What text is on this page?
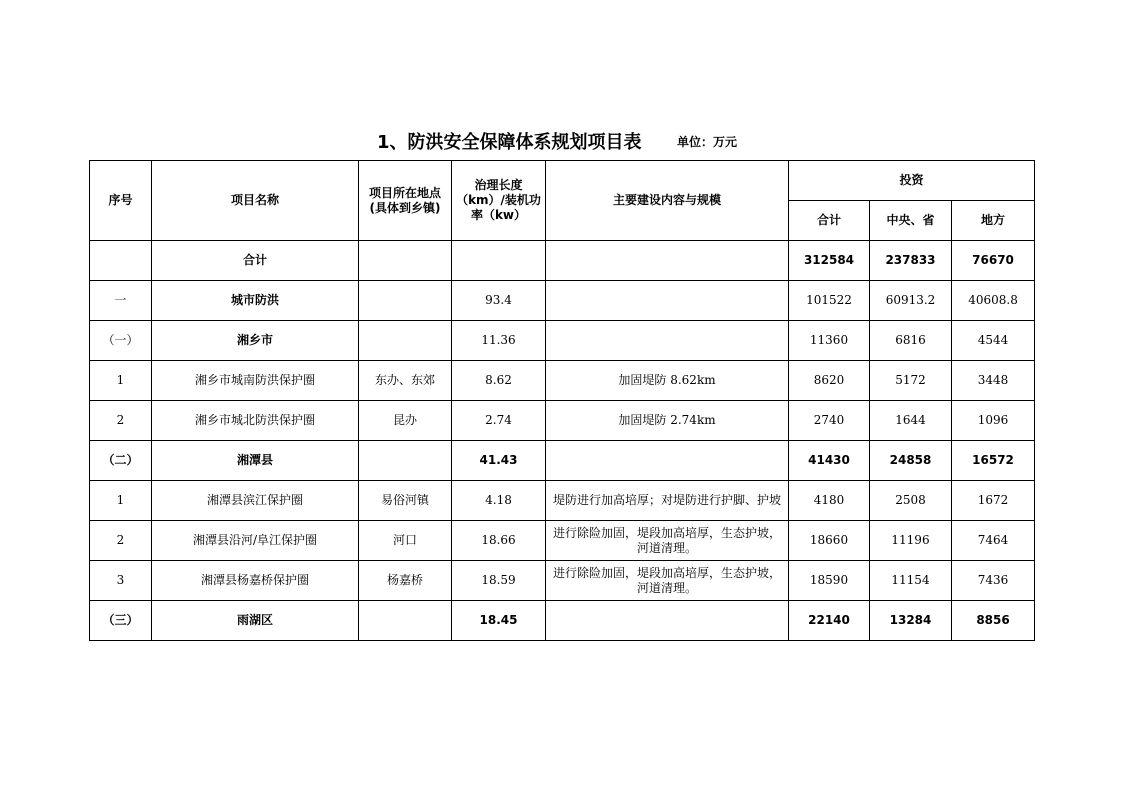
1、防洪安全保障体系规划项目表	单位：万元
序号	项目名称	项目所在地点(具体到乡镇)	治理长度（km）/装机功率（kw）	主要建设内容与规模	投资		
					合计	中央、省	地方
	合计				312584	237833	76670
一	城市防洪		93.4		101522	60913.2	40608.8
（一）	湘乡市		11.36		11360	6816	4544
1	湘乡市城南防洪保护圈	东办、东郊	8.62	加固堤防 8.62km	8620	5172	3448
2	湘乡市城北防洪保护圈	昆办	2.74	加固堤防 2.74km	2740	1644	1096
（二）	湘潭县		41.43		41430	24858	16572
1	湘潭县滨江保护圈	易俗河镇	4.18	堤防进行加高培厚；对堤防进行护脚、护坡	4180	2508	1672
2	湘潭县沿河/阜江保护圈	河口	18.66	进行除险加固，堤段加高培厚，生态护坡，河道清理。	18660	11196	7464
3	湘潭县杨嘉桥保护圈	杨嘉桥	18.59	进行除险加固，堤段加高培厚，生态护坡，河道清理。	18590	11154	7436
（三）	雨湖区		18.45		22140	13284	8856
